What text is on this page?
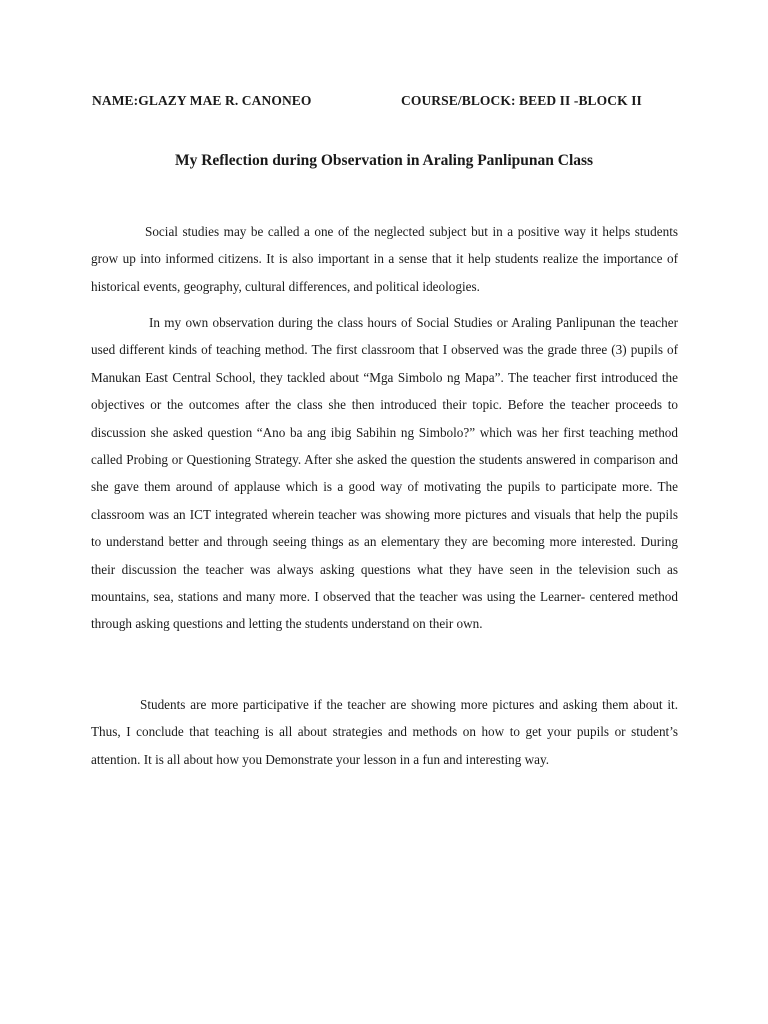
NAME:GLAZY MAE R. CANONEO	COURSE/BLOCK: BEED II -BLOCK II
My Reflection during Observation in Araling Panlipunan Class

Social studies may be called a one of the neglected subject but in a positive way it helps students grow up into informed citizens. It is also important in a sense that it help students realize the importance of historical events, geography, cultural differences, and political ideologies.

In my own observation during the class hours of Social Studies or Araling Panlipunan the teacher used different kinds of teaching method. The first classroom that I observed was the grade three (3) pupils of Manukan East Central School, they tackled about “Mga Simbolo ng Mapa”. The teacher first introduced the objectives or the outcomes after the class she then introduced their topic. Before the teacher proceeds to discussion she asked question “Ano ba ang ibig Sabihin ng Simbolo?” which was her first teaching method called Probing or Questioning Strategy. After she asked the question the students answered in comparison and she gave them around of applause which is a good way of motivating the pupils to participate more. The classroom was an ICT integrated wherein teacher was showing more pictures and visuals that help the pupils to understand better and through seeing things as an elementary they are becoming more interested. During their discussion the teacher was always asking questions what they have seen in the television such as mountains, sea, stations and many more. I observed that the teacher was using the Learner- centered method through asking questions and letting the students understand on their own.

Students are more participative if the teacher are showing more pictures and asking them about it. Thus, I conclude that teaching is all about strategies and methods on how to get your pupils or student’s attention. It is all about how you Demonstrate your lesson in a fun and interesting way.
